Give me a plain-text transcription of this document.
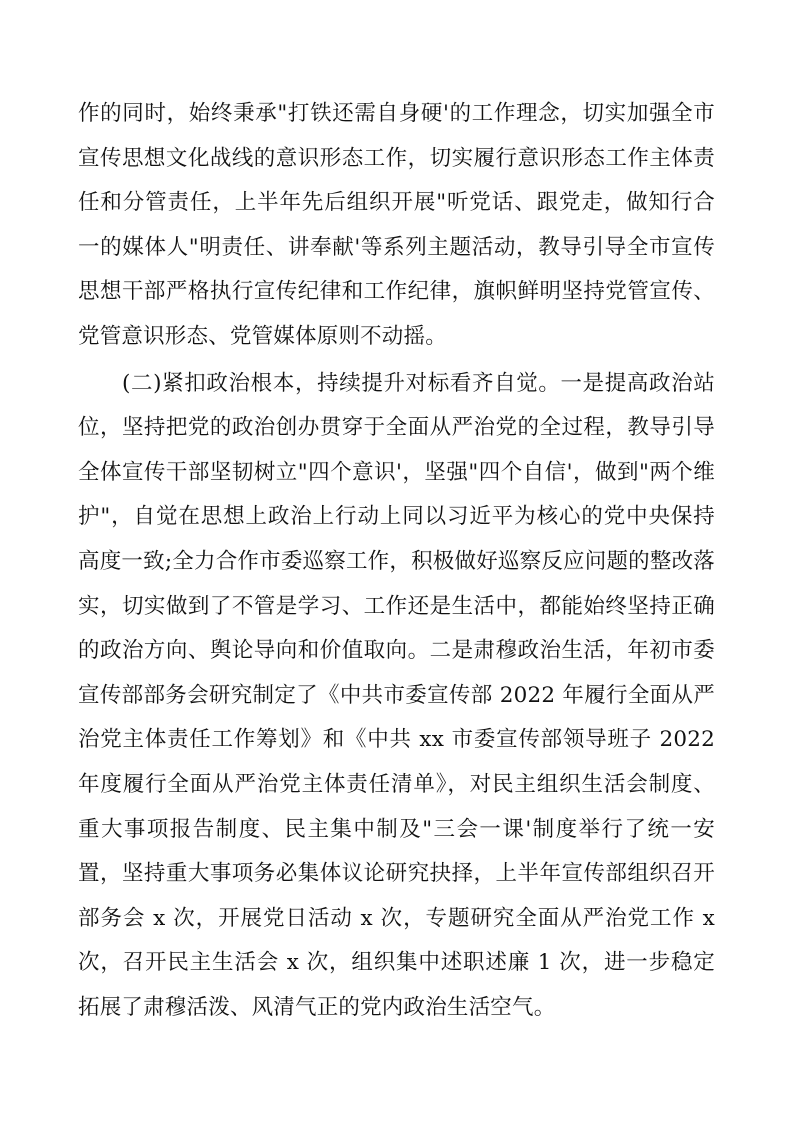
作的同时，始终秉承"打铁还需自身硬'的工作理念，切实加强全市宣传思想文化战线的意识形态工作，切实履行意识形态工作主体责任和分管责任，上半年先后组织开展"听党话、跟党走，做知行合一的媒体人"明责任、讲奉献'等系列主题活动，教导引导全市宣传思想干部严格执行宣传纪律和工作纪律，旗帜鲜明坚持党管宣传、党管意识形态、党管媒体原则不动摇。

(二)紧扣政治根本，持续提升对标看齐自觉。一是提高政治站位，坚持把党的政治创办贯穿于全面从严治党的全过程，教导引导全体宣传干部坚韧树立"四个意识'，坚强"四个自信'，做到"两个维护"，自觉在思想上政治上行动上同以习近平为核心的党中央保持高度一致;全力合作市委巡察工作，积极做好巡察反应问题的整改落实，切实做到了不管是学习、工作还是生活中，都能始终坚持正确的政治方向、舆论导向和价值取向。二是肃穆政治生活，年初市委宣传部部务会研究制定了《中共市委宣传部 2022 年履行全面从严治党主体责任工作筹划》和《中共 xx 市委宣传部领导班子 2022 年度履行全面从严治党主体责任清单》，对民主组织生活会制度、重大事项报告制度、民主集中制及"三会一课'制度举行了统一安置，坚持重大事项务必集体议论研究抉择，上半年宣传部组织召开部务会 x 次，开展党日活动 x 次，专题研究全面从严治党工作 x 次，召开民主生活会 x 次，组织集中述职述廉 1 次，进一步稳定拓展了肃穆活泼、风清气正的党内政治生活空气。
